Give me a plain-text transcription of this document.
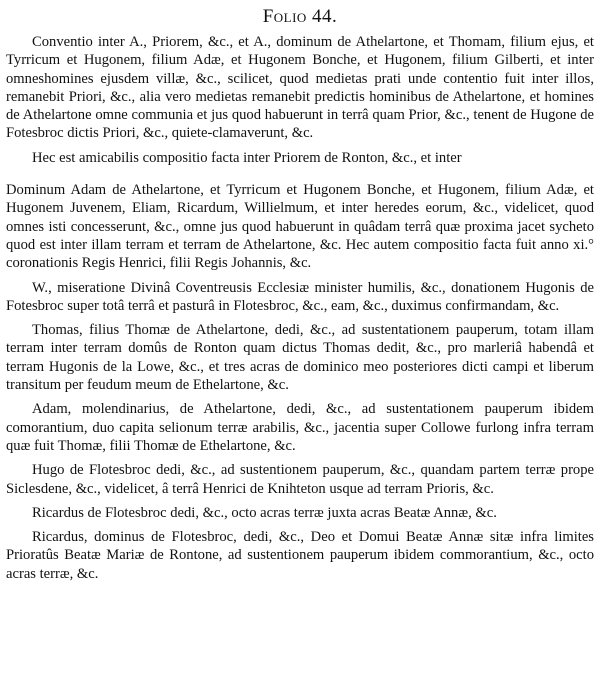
Folio 44.

Conventio inter A., Priorem, &c., et A., dominum de Athelartone, et Thomam, filium ejus, et Tyrricum et Hugonem, filium Adæ, et Hugonem Bonche, et Hugonem, filium Gilberti, et inter omneshomines ejusdem villæ, &c., scilicet, quod medietas prati unde contentio fuit inter illos, remanebit Priori, &c., alia vero medietas remanebit predictis hominibus de Athelartone, et homines de Athelartone omne communia et jus quod habuerunt in terrâ quam Prior, &c., tenent de Hugone de Fotesbroc dictis Priori, &c., quiete-clamaverunt, &c.

Hec est amicabilis compositio facta inter Priorem de Ronton, &c., et inter

Dominum Adam de Athelartone, et Tyrricum et Hugonem Bonche, et Hugonem, filium Adæ, et Hugonem Juvenem, Eliam, Ricardum, Willielmum, et inter heredes eorum, &c., videlicet, quod omnes isti concesserunt, &c., omne jus quod habuerunt in quâdam terrâ quæ proxima jacet sycheto quod est inter illam terram et terram de Athelartone, &c. Hec autem compositio facta fuit anno xi.° coronationis Regis Henrici, filii Regis Johannis, &c.

W., miseratione Divinâ Coventreusis Ecclesiæ minister humilis, &c., donationem Hugonis de Fotesbroc super totâ terrâ et pasturâ in Flotesbroc, &c., eam, &c., duximus confirmandam, &c.

Thomas, filius Thomæ de Athelartone, dedi, &c., ad sustentationem pauperum, totam illam terram inter terram domûs de Ronton quam dictus Thomas dedit, &c., pro marleriâ habendâ et terram Hugonis de la Lowe, &c., et tres acras de dominico meo posteriores dicti campi et liberum transitum per feudum meum de Ethelartone, &c.

Adam, molendinarius, de Athelartone, dedi, &c., ad sustentationem pauperum ibidem comorantium, duo capita selionum terræ arabilis, &c., jacentia super Collowe furlong infra terram quæ fuit Thomæ, filii Thomæ de Ethelartone, &c.

Hugo de Flotesbroc dedi, &c., ad sustentionem pauperum, &c., quandam partem terræ prope Siclesdene, &c., videlicet, â terrâ Henrici de Knihteton usque ad terram Prioris, &c.

Ricardus de Flotesbroc dedi, &c., octo acras terræ juxta acras Beatæ Annæ, &c.

Ricardus, dominus de Flotesbroc, dedi, &c., Deo et Domui Beatæ Annæ sitæ infra limites Prioratûs Beatæ Mariæ de Rontone, ad sustentionem pauperum ibidem commorantium, &c., octo acras terræ, &c.
